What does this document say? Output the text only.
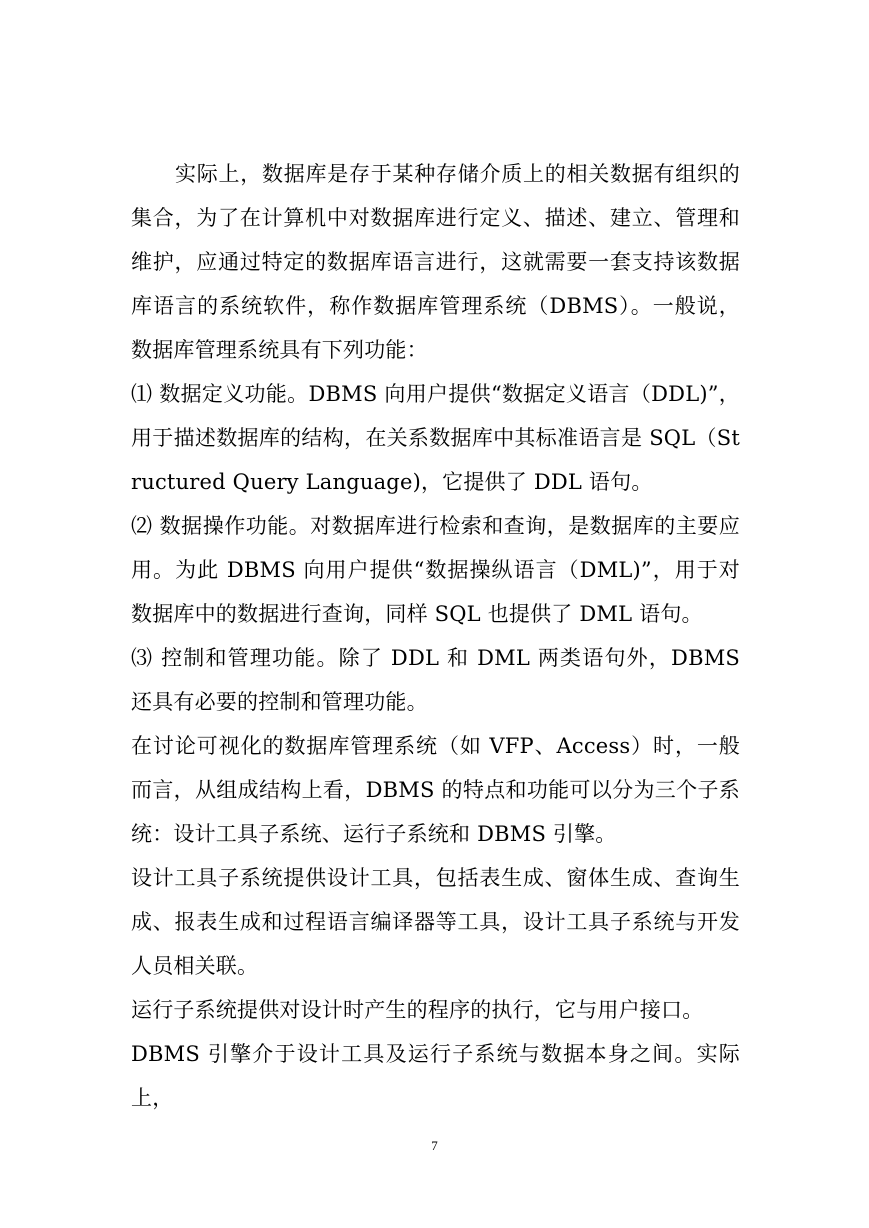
实际上，数据库是存于某种存储介质上的相关数据有组织的集合，为了在计算机中对数据库进行定义、描述、建立、管理和维护，应通过特定的数据库语言进行，这就需要一套支持该数据库语言的系统软件，称作数据库管理系统（DBMS）。一般说，数据库管理系统具有下列功能：

⑴ 数据定义功能。DBMS 向用户提供“数据定义语言（DDL)”，用于描述数据库的结构，在关系数据库中其标准语言是 SQL（Structured Query Language)，它提供了 DDL 语句。

⑵ 数据操作功能。对数据库进行检索和查询，是数据库的主要应用。为此 DBMS 向用户提供“数据操纵语言（DML)”，用于对数据库中的数据进行查询，同样 SQL 也提供了 DML 语句。

⑶ 控制和管理功能。除了 DDL 和 DML 两类语句外，DBMS 还具有必要的控制和管理功能。

在讨论可视化的数据库管理系统（如 VFP、Access）时，一般而言，从组成结构上看，DBMS 的特点和功能可以分为三个子系统：设计工具子系统、运行子系统和 DBMS 引擎。

设计工具子系统提供设计工具，包括表生成、窗体生成、查询生成、报表生成和过程语言编译器等工具，设计工具子系统与开发人员相关联。

运行子系统提供对设计时产生的程序的执行，它与用户接口。

DBMS 引擎介于设计工具及运行子系统与数据本身之间。实际上，

7
